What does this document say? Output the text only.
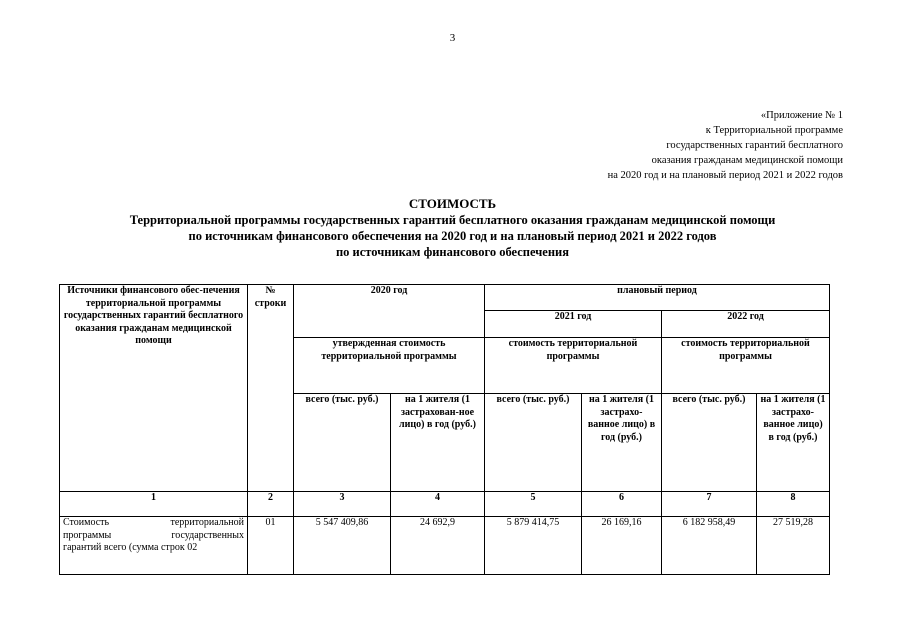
3
«Приложение № 1
к Территориальной программе
государственных гарантий бесплатного
оказания гражданам медицинской помощи
на 2020 год и на плановый период 2021 и 2022 годов
СТОИМОСТЬ
Территориальной программы государственных гарантий бесплатного оказания гражданам медицинской помощи
по источникам финансового обеспечения на 2020 год и на плановый период 2021 и 2022 годов
по источникам финансового обеспечения
Источники финансового обес-печения территориальной программы государственных гарантий бесплатного оказания гражданам медицинской помощи	№ строки	2020 год		плановый период			
				2021 год		2022 год	
		утвержденная стоимость территориальной программы		стоимость территориальной программы		стоимость территориальной программы	
		всего (тыс. руб.)	на 1 жителя (1 застрахован-ное лицо) в год (руб.)	всего (тыс. руб.)	на 1 жителя (1 застрахо-ванное лицо) в год (руб.)	всего (тыс. руб.)	на 1 жителя (1 застрахо-ванное лицо) в год (руб.)
1	2	3	4	5	6	7	8

Стоимость территориальной
программы государственных
гарантий всего (сумма строк 02	01	5 547 409,86	24 692,9	5 879 414,75	26 169,16	6 182 958,49	27 519,28
